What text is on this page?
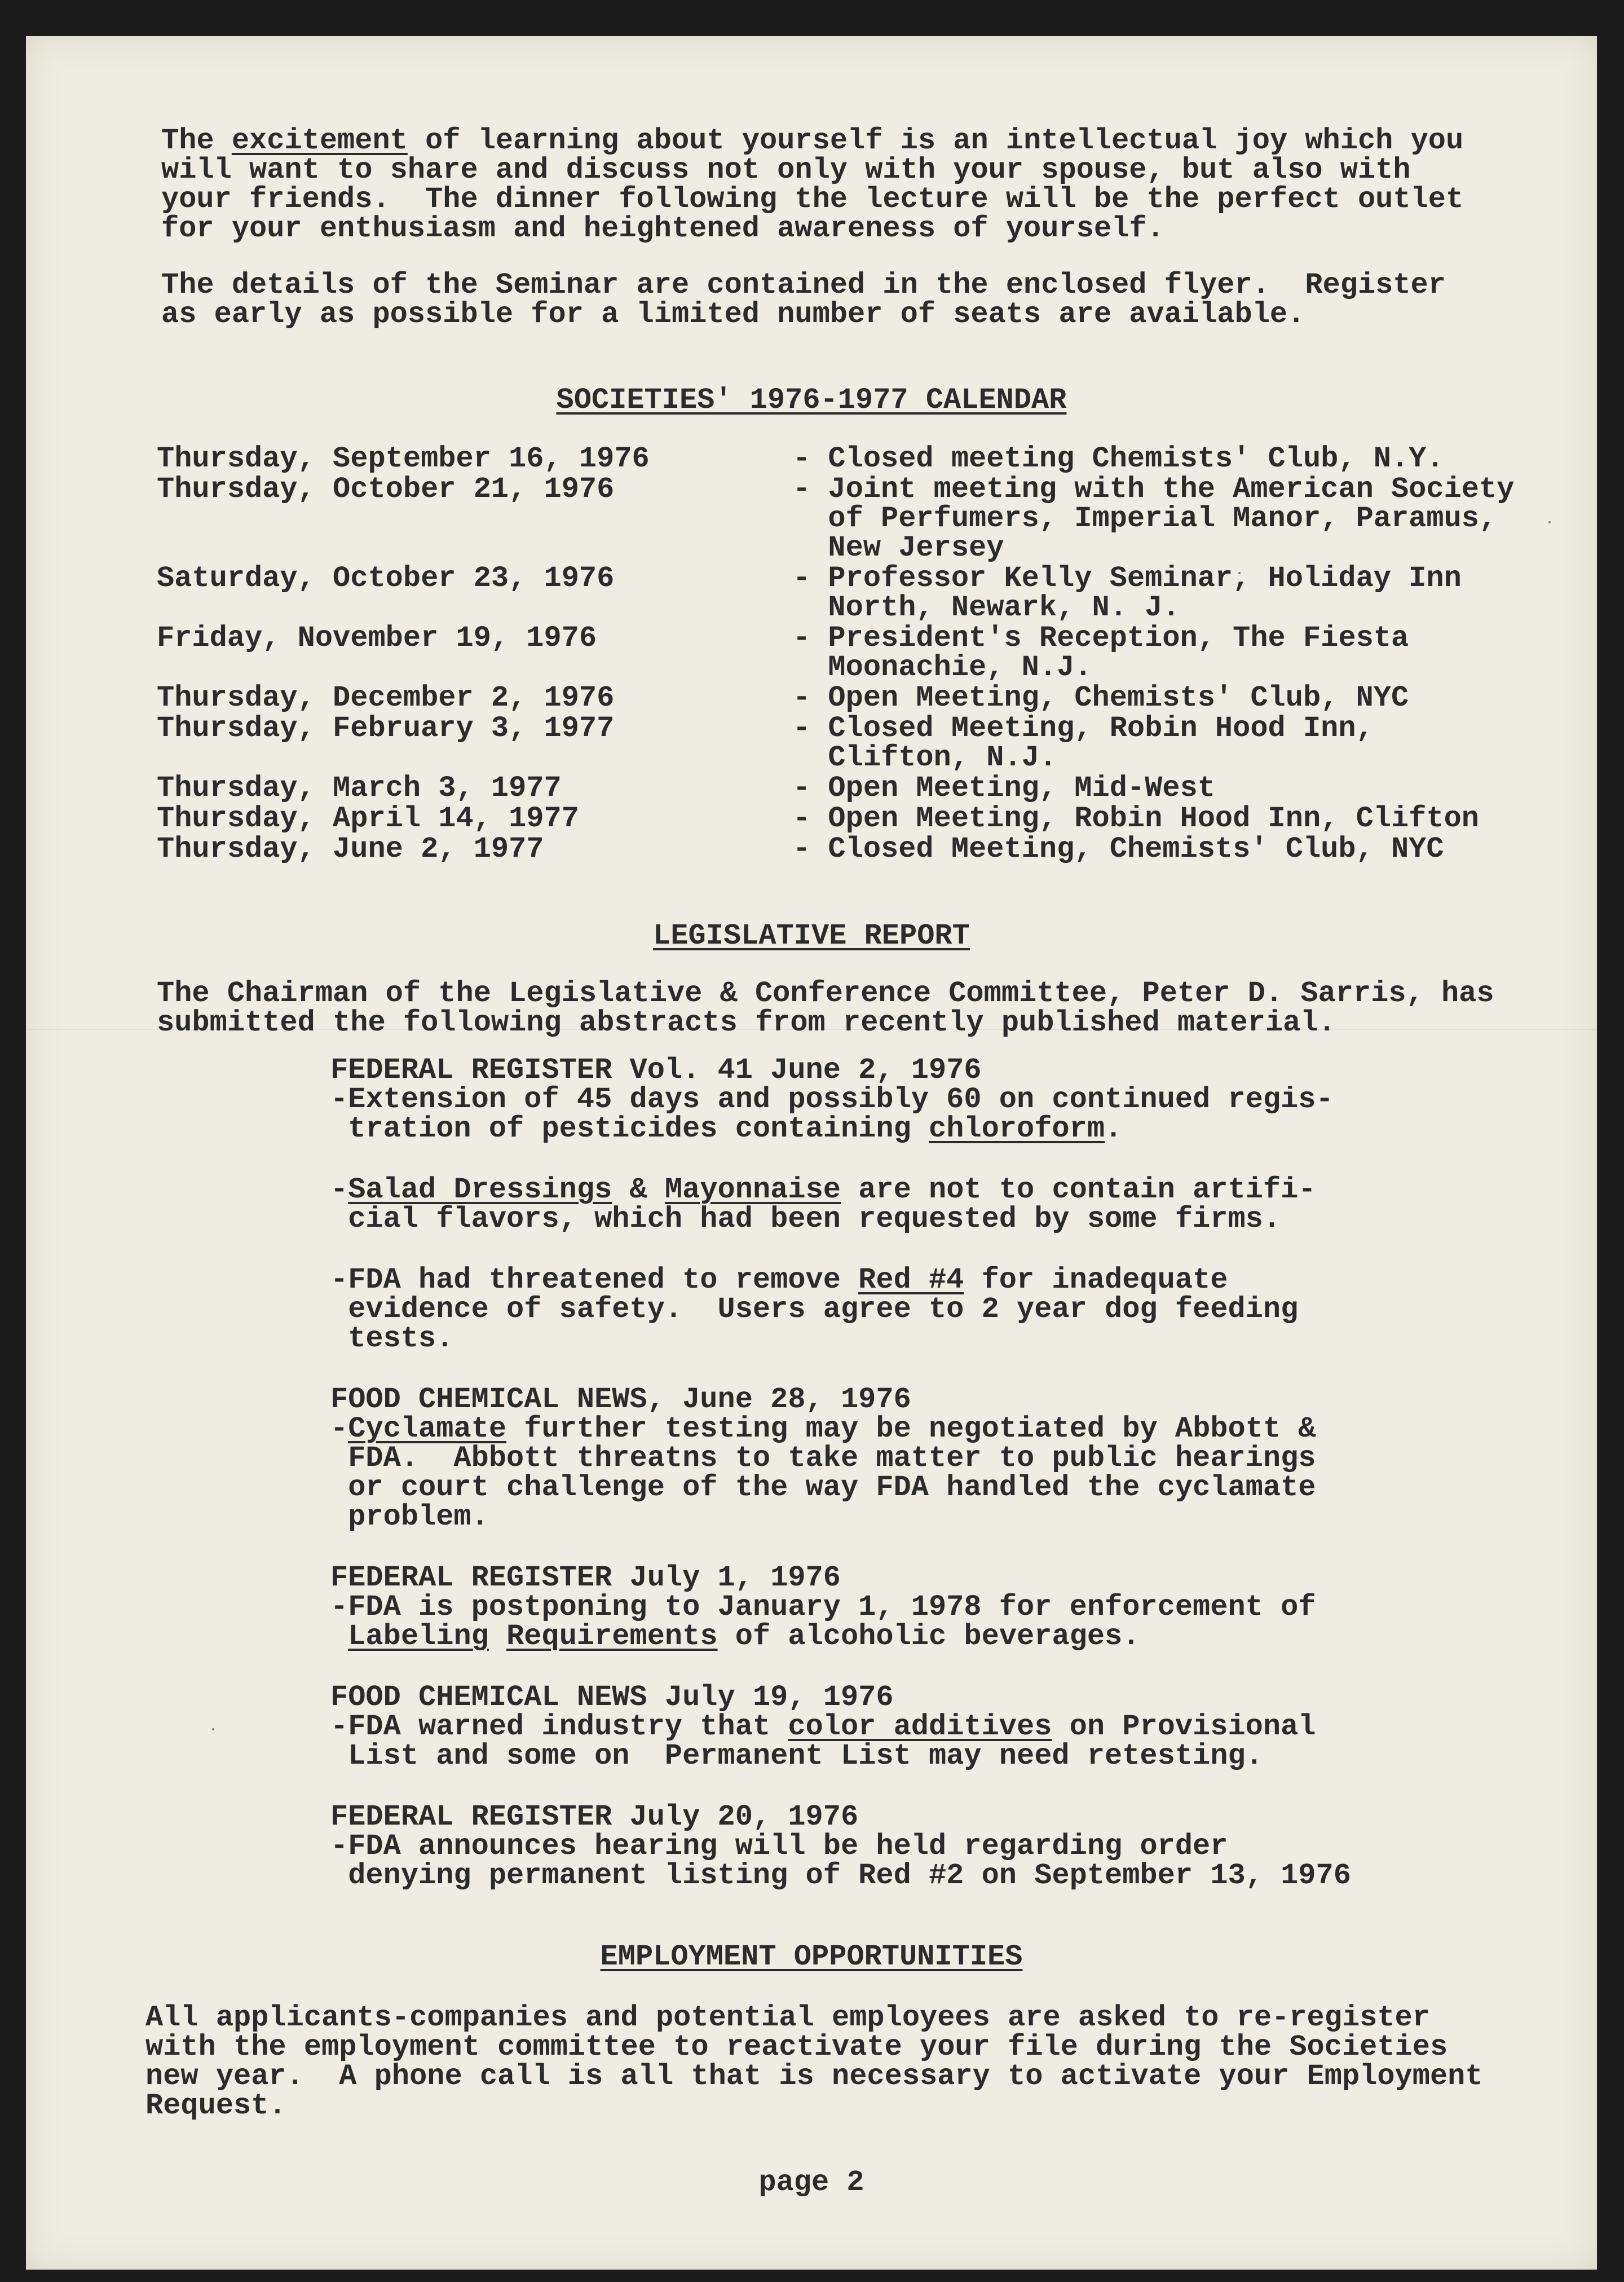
The excitement of learning about yourself is an intellectual joy which you
will want to share and discuss not only with your spouse, but also with
your friends.  The dinner following the lecture will be the perfect outlet
for your enthusiasm and heightened awareness of yourself.
The details of the Seminar are contained in the enclosed flyer.  Register
as early as possible for a limited number of seats are available.
SOCIETIES' 1976-1977 CALENDAR
Thursday, September 16, 1976	- Closed meeting Chemists' Club, N.Y.
Thursday, October 21, 1976	- Joint meeting with the American Society
of Perfumers, Imperial Manor, Paramus,
New Jersey
Saturday, October 23, 1976	- Professor Kelly Seminar, Holiday Inn
North, Newark, N. J.
Friday, November 19, 1976	- President's Reception, The Fiesta
Moonachie, N.J.
Thursday, December 2, 1976	- Open Meeting, Chemists' Club, NYC
Thursday, February 3, 1977	- Closed Meeting, Robin Hood Inn,
Clifton, N.J.
Thursday, March 3, 1977	- Open Meeting, Mid-West
Thursday, April 14, 1977	- Open Meeting, Robin Hood Inn, Clifton
Thursday, June 2, 1977	- Closed Meeting, Chemists' Club, NYC
LEGISLATIVE REPORT
The Chairman of the Legislative & Conference Committee, Peter D. Sarris, has
submitted the following abstracts from recently published material.
FEDERAL REGISTER Vol. 41 June 2, 1976
-Extension of 45 days and possibly 60 on continued regis-
tration of pesticides containing chloroform.
-Salad Dressings & Mayonnaise are not to contain artifi-
cial flavors, which had been requested by some firms.
-FDA had threatened to remove Red #4 for inadequate
evidence of safety.  Users agree to 2 year dog feeding
tests.
FOOD CHEMICAL NEWS, June 28, 1976
-Cyclamate further testing may be negotiated by Abbott &
FDA.  Abbott threatns to take matter to public hearings
or court challenge of the way FDA handled the cyclamate
problem.
FEDERAL REGISTER July 1, 1976
-FDA is postponing to January 1, 1978 for enforcement of
Labeling Requirements of alcoholic beverages.
FOOD CHEMICAL NEWS July 19, 1976
-FDA warned industry that color additives on Provisional
List and some on  Permanent List may need retesting.
FEDERAL REGISTER July 20, 1976
-FDA announces hearing will be held regarding order
denying permanent listing of Red #2 on September 13, 1976
EMPLOYMENT OPPORTUNITIES
All applicants-companies and potential employees are asked to re-register
with the employment committee to reactivate your file during the Societies
new year.  A phone call is all that is necessary to activate your Employment
Request.
page 2
